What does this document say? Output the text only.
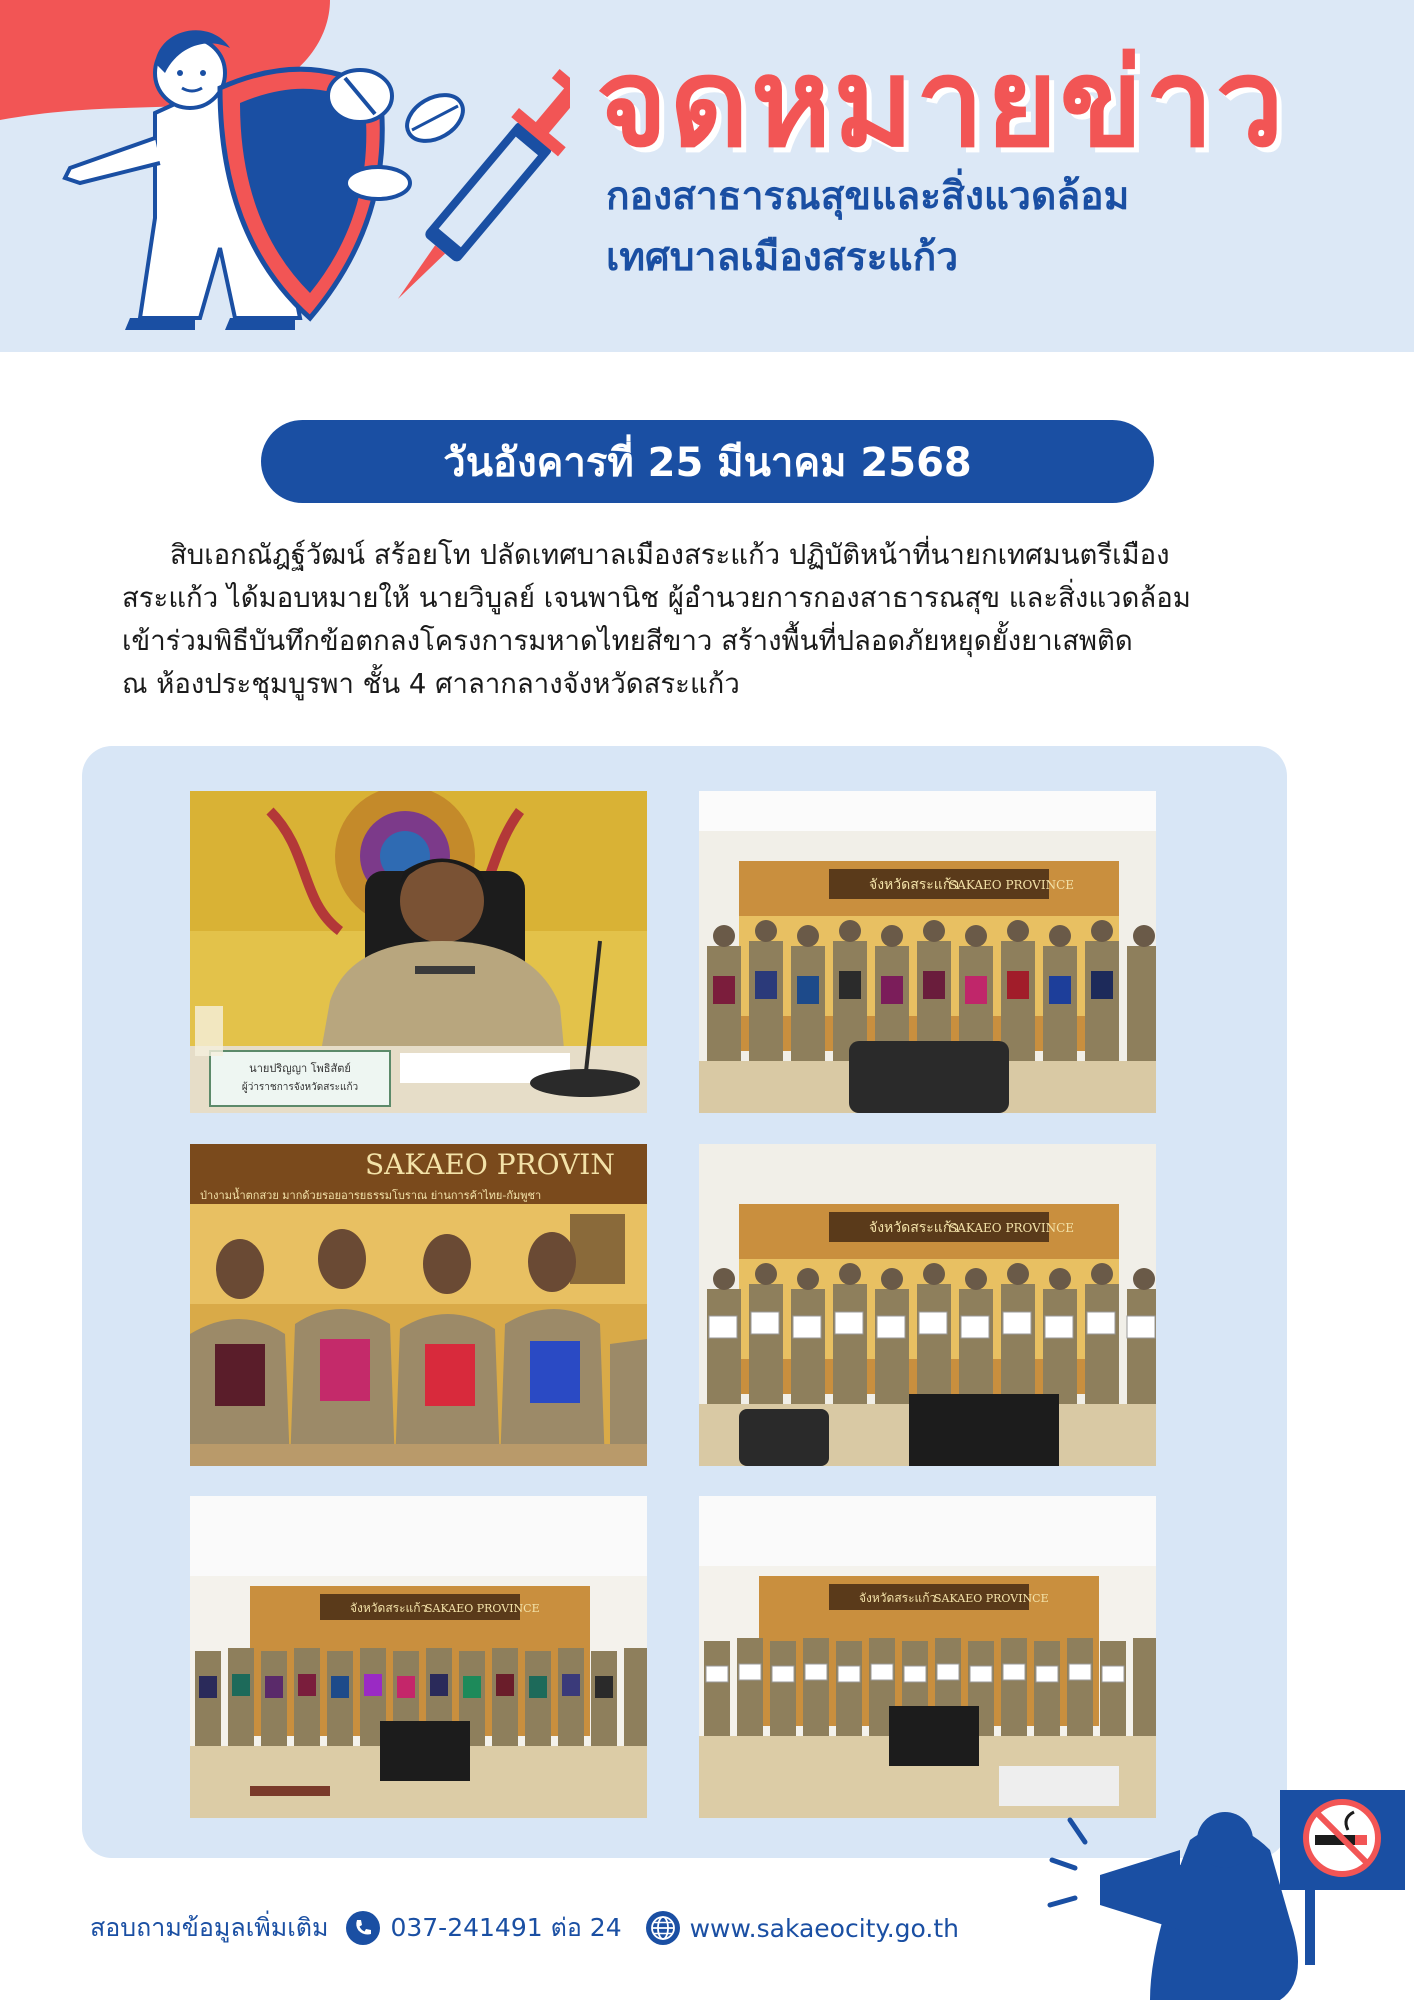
จดหมายข่าว
กองสาธารณสุขและสิ่งแวดล้อม
เทศบาลเมืองสระแก้ว
วันอังคารที่ 25 มีนาคม 2568
สิบเอกณัฎฐ์วัฒน์ สร้อยโท ปลัดเทศบาลเมืองสระแก้ว ปฏิบัติหน้าที่นายกเทศมนตรีเมือง
สระแก้ว ได้มอบหมายให้ นายวิบูลย์ เจนพานิช ผู้อำนวยการกองสาธารณสุข และสิ่งแวดล้อม
เข้าร่วมพิธีบันทึกข้อตกลงโครงการมหาดไทยสีขาว สร้างพื้นที่ปลอดภัยหยุดยั้งยาเสพติด
ณ ห้องประชุมบูรพา ชั้น 4 ศาลากลางจังหวัดสระแก้ว
นายปริญญา โพธิสัตย์
ผู้ว่าราชการจังหวัดสระแก้ว
จังหวัดสระแก้ว
SAKAEO PROVINCE
SAKAEO PROVIN
ป่างามน้ำตกสวย มากด้วยรอยอารยธรรมโบราณ ย่านการค้าไทย-กัมพูชา
จังหวัดสระแก้ว
SAKAEO PROVINCE
จังหวัดสระแก้ว
SAKAEO PROVINCE
จังหวัดสระแก้ว
SAKAEO PROVINCE
สอบถามข้อมูลเพิ่มเติม 037-241491 ต่อ 24	www.sakaeocity.go.th
